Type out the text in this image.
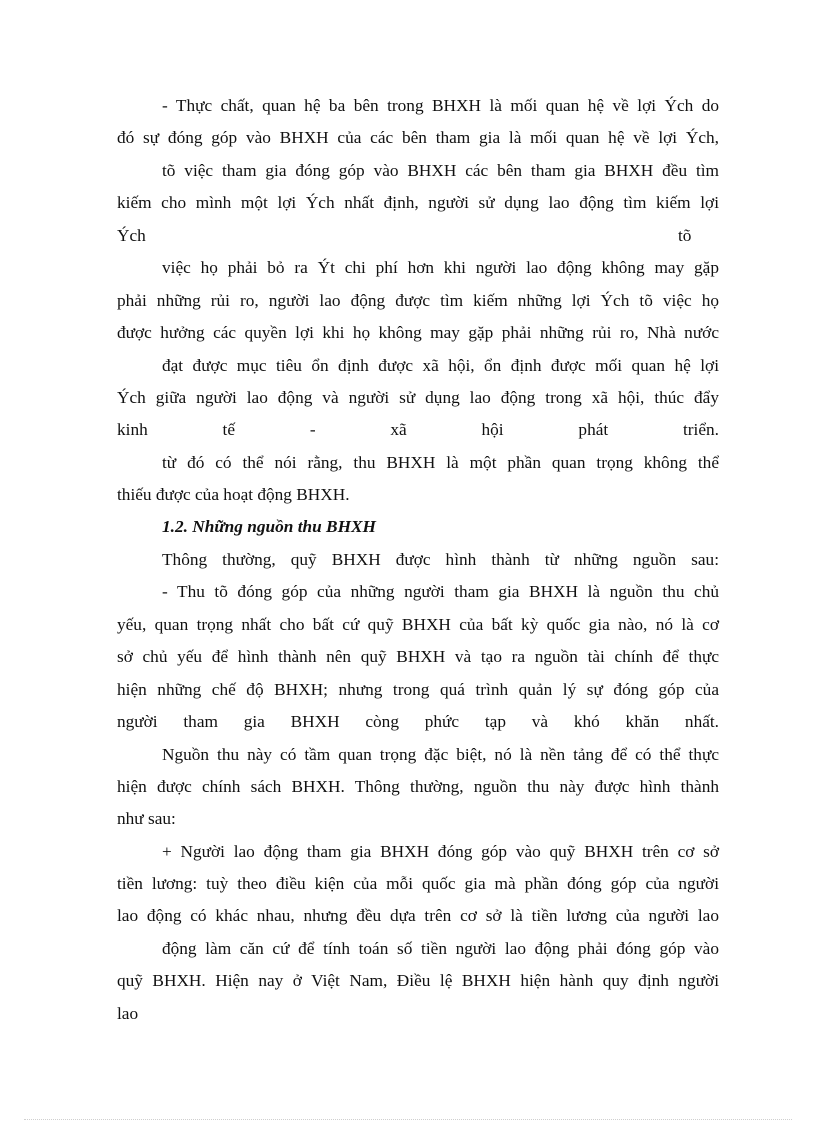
- Thực chất, quan hệ ba bên trong BHXH là mối quan hệ về lợi Ých do
đó sự đóng góp vào BHXH của các bên tham gia là mối quan hệ về lợi Ých,
tõ việc tham gia đóng góp vào BHXH các bên tham gia BHXH đều tìm
kiếm cho mình một lợi Ých nhất định, người sử dụng lao động tìm kiếm lợi
Ých	tõ
việc họ phải bỏ ra Ýt chi phí hơn khi người lao động không may gặp
phải những rủi ro, người lao động được tìm kiếm những lợi Ých tõ việc họ
được hưởng các quyền lợi khi họ không may gặp phải những rủi ro, Nhà nước
đạt được mục tiêu ổn định được xã hội, ổn định được mối quan hệ lợi
Ých giữa người lao động và người sử dụng lao động trong xã hội, thúc đẩy
kinh tế - xã hội phát triển.
từ đó có thể nói rằng, thu BHXH là một phần quan trọng không thể
thiếu được của hoạt động BHXH.
1.2. Những nguồn thu BHXH
Thông thường, quỹ BHXH được hình thành từ những nguồn sau:
- Thu tõ đóng góp của những người tham gia BHXH là nguồn thu chủ
yếu, quan trọng nhất cho bất cứ quỹ BHXH của bất kỳ quốc gia nào, nó là cơ
sở chủ yếu để hình thành nên quỹ BHXH và tạo ra nguồn tài chính để thực
hiện những chế độ BHXH; nhưng trong quá trình quản lý sự đóng góp của
người tham gia BHXH còng phức tạp và khó khăn nhất.
Nguồn thu này có tầm quan trọng đặc biệt, nó là nền tảng để có thể thực
hiện được chính sách BHXH. Thông thường, nguồn thu này được hình thành
như sau:
+ Người lao động tham gia BHXH đóng góp vào quỹ BHXH trên cơ sở
tiền lương: tuỳ theo điều kiện của mỗi quốc gia mà phần đóng góp của người
lao động có khác nhau, nhưng đều dựa trên cơ sở là tiền lương của người lao
động làm căn cứ để tính toán số tiền người lao động phải đóng góp vào
quỹ BHXH. Hiện nay ở Việt Nam, Điều lệ BHXH hiện hành quy định người
lao
